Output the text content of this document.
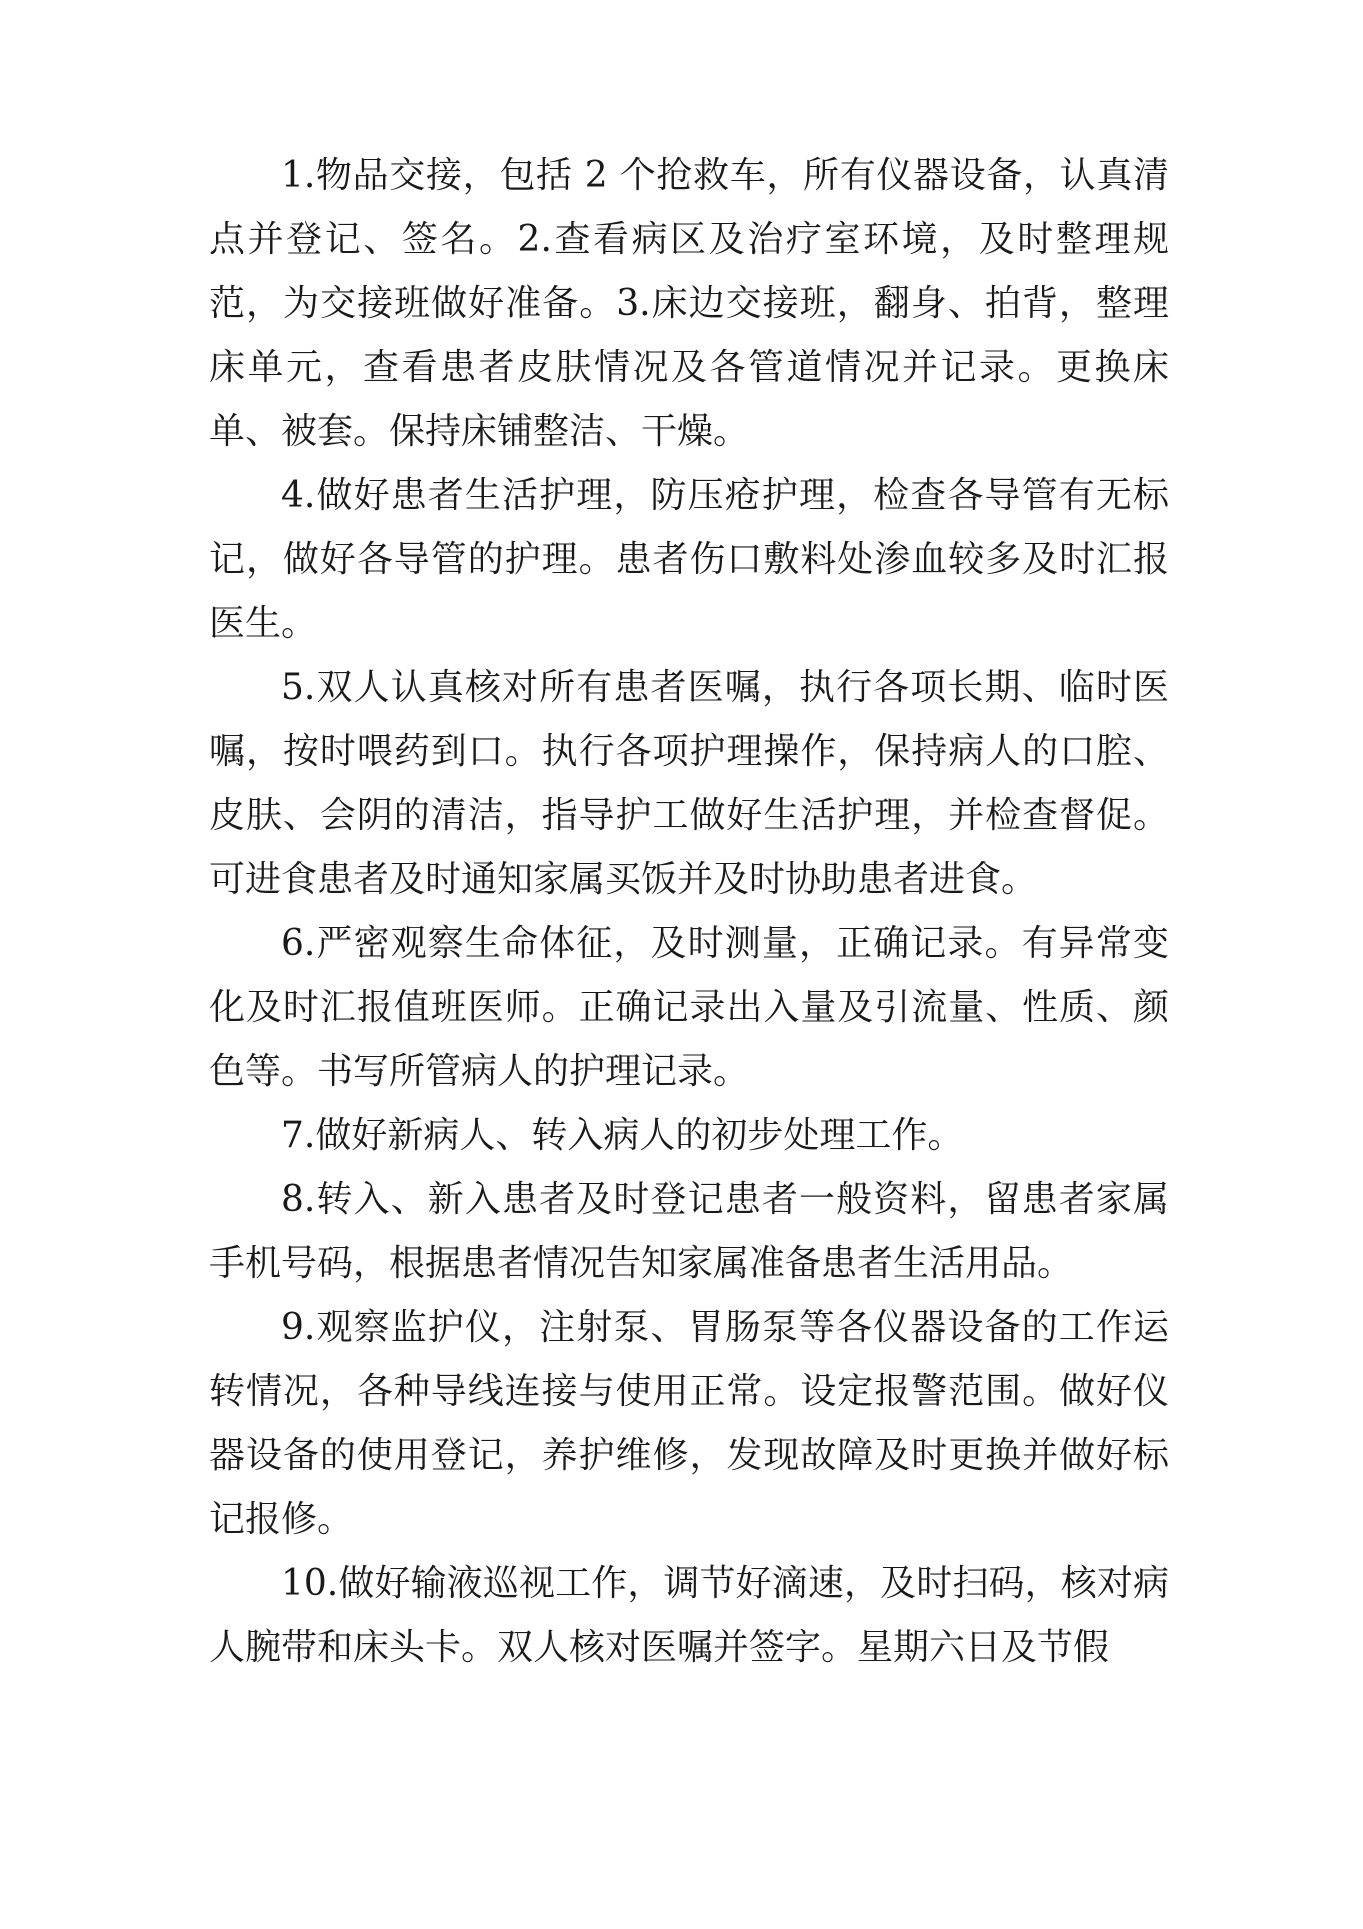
1.物品交接，包括 2 个抢救车，所有仪器设备，认真清点并登记、签名。2.查看病区及治疗室环境，及时整理规范，为交接班做好准备。3.床边交接班，翻身、拍背，整理床单元，查看患者皮肤情况及各管道情况并记录。更换床单、被套。保持床铺整洁、干燥。

4.做好患者生活护理，防压疮护理，检查各导管有无标记，做好各导管的护理。患者伤口敷料处渗血较多及时汇报医生。

5.双人认真核对所有患者医嘱，执行各项长期、临时医嘱，按时喂药到口。执行各项护理操作，保持病人的口腔、皮肤、会阴的清洁，指导护工做好生活护理，并检查督促。可进食患者及时通知家属买饭并及时协助患者进食。

6.严密观察生命体征，及时测量，正确记录。有异常变化及时汇报值班医师。正确记录出入量及引流量、性质、颜色等。书写所管病人的护理记录。

7.做好新病人、转入病人的初步处理工作。

8.转入、新入患者及时登记患者一般资料，留患者家属手机号码，根据患者情况告知家属准备患者生活用品。

9.观察监护仪，注射泵、胃肠泵等各仪器设备的工作运转情况，各种导线连接与使用正常。设定报警范围。做好仪器设备的使用登记，养护维修，发现故障及时更换并做好标记报修。

10.做好输液巡视工作，调节好滴速，及时扫码，核对病人腕带和床头卡。双人核对医嘱并签字。星期六日及节假
